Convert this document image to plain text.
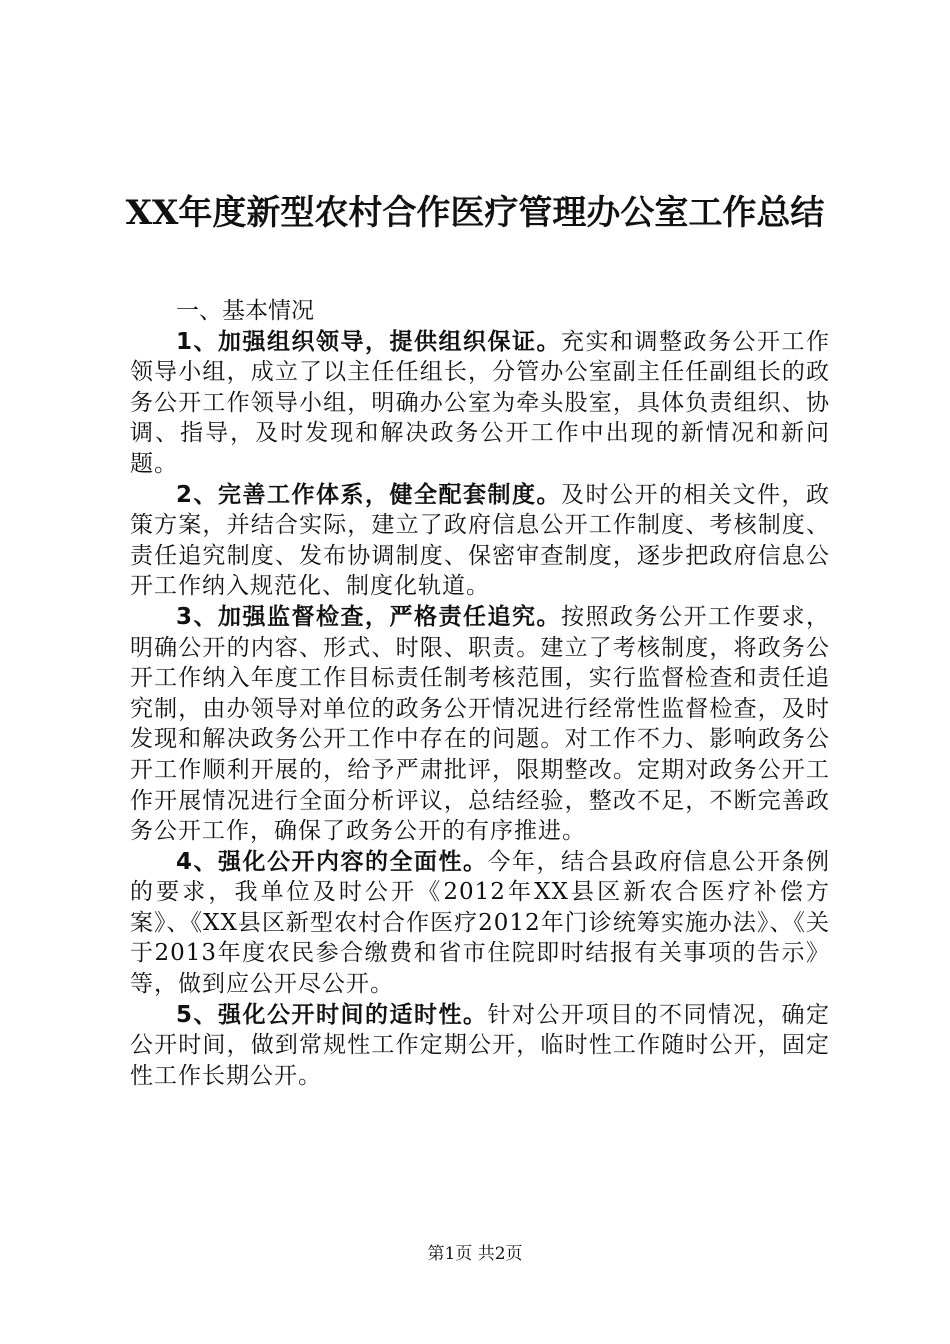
XX年度新型农村合作医疗管理办公室工作总结

一、基本情况

1、加强组织领导，提供组织保证。充实和调整政务公开工作领导小组，成立了以主任任组长，分管办公室副主任任副组长的政务公开工作领导小组，明确办公室为牵头股室，具体负责组织、协调、指导，及时发现和解决政务公开工作中出现的新情况和新问题。

2、完善工作体系，健全配套制度。及时公开的相关文件，政策方案，并结合实际，建立了政府信息公开工作制度、考核制度、责任追究制度、发布协调制度、保密审查制度，逐步把政府信息公开工作纳入规范化、制度化轨道。

3、加强监督检查，严格责任追究。按照政务公开工作要求，明确公开的内容、形式、时限、职责。建立了考核制度，将政务公开工作纳入年度工作目标责任制考核范围，实行监督检查和责任追究制，由办领导对单位的政务公开情况进行经常性监督检查，及时发现和解决政务公开工作中存在的问题。对工作不力、影响政务公开工作顺利开展的，给予严肃批评，限期整改。定期对政务公开工作开展情况进行全面分析评议，总结经验，整改不足，不断完善政务公开工作，确保了政务公开的有序推进。

4、强化公开内容的全面性。今年，结合县政府信息公开条例的要求，我单位及时公开《2012年XX县区新农合医疗补偿方案》、《XX县区新型农村合作医疗2012年门诊统筹实施办法》、《关于2013年度农民参合缴费和省市住院即时结报有关事项的告示》等，做到应公开尽公开。

5、强化公开时间的适时性。针对公开项目的不同情况，确定公开时间，做到常规性工作定期公开，临时性工作随时公开，固定性工作长期公开。

第1页 共2页
